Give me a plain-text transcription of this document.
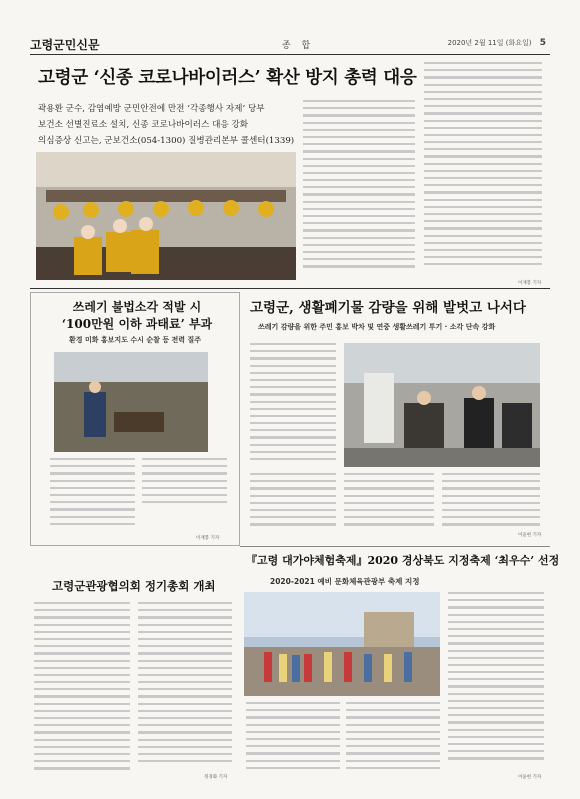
고령군민신문	종 합	2020년 2월 11일 (화요일) 5
고령군 ‘신종 코로나바이러스’ 확산 방지 총력 대응
곽용환 군수, 감염예방 군민안전에 만전 ‘각종행사 자제’ 당부
보건소 선별진료소 설치, 신종 코로나바이러스 대응 강화
의심증상 신고는, 군보건소(054-1300) 질병관리본부 콜센터(1339)
이재봉 기자
쓰레기 불법소각 적발 시
‘100만원 이하 과태료’ 부과
환경 미화 홍보지도 수시 순찰 등 전력 질주
이재봉 기자
고령군, 생활폐기물 감량을 위해 발벗고 나서다
쓰레기 감량을 위한 주민 홍보 박차 및 연중 생활쓰레기 투기 · 소각 단속 강화
이윤현 기자
고령군관광협의회 정기총회 개최
정경화 기자
『고령 대가야체험축제』2020 경상북도 지정축제 ‘최우수’ 선정
2020-2021 예비 문화체육관광부 축제 지정
이윤현 기자
